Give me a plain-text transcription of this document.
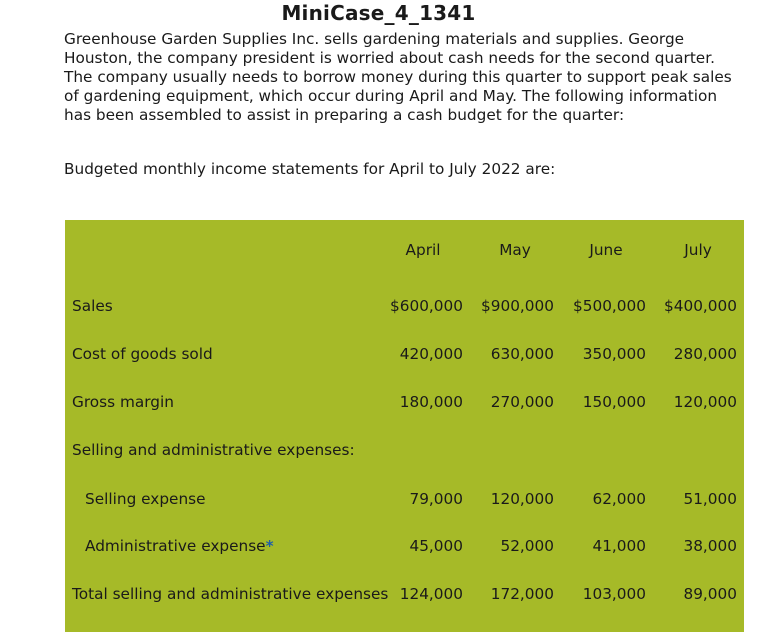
MiniCase_4_1341
Greenhouse Garden Supplies Inc. sells gardening materials and supplies. George
Houston, the company president is worried about cash needs for the second quarter.
The company usually needs to borrow money during this quarter to support peak sales
of gardening equipment, which occur during April and May. The following information
has been assembled to assist in preparing a cash budget for the quarter:
Budgeted monthly income statements for April to July 2022 are:
April	May	June	July
Sales	$600,000	$900,000	$500,000	$400,000
Cost of goods sold	420,000	630,000	350,000	280,000
Gross margin	180,000	270,000	150,000	120,000
Selling and administrative expenses:
Selling expense	79,000	120,000	62,000	51,000
Administrative expense*	45,000	52,000	41,000	38,000
Total selling and administrative expenses 124,000	172,000	103,000	89,000
